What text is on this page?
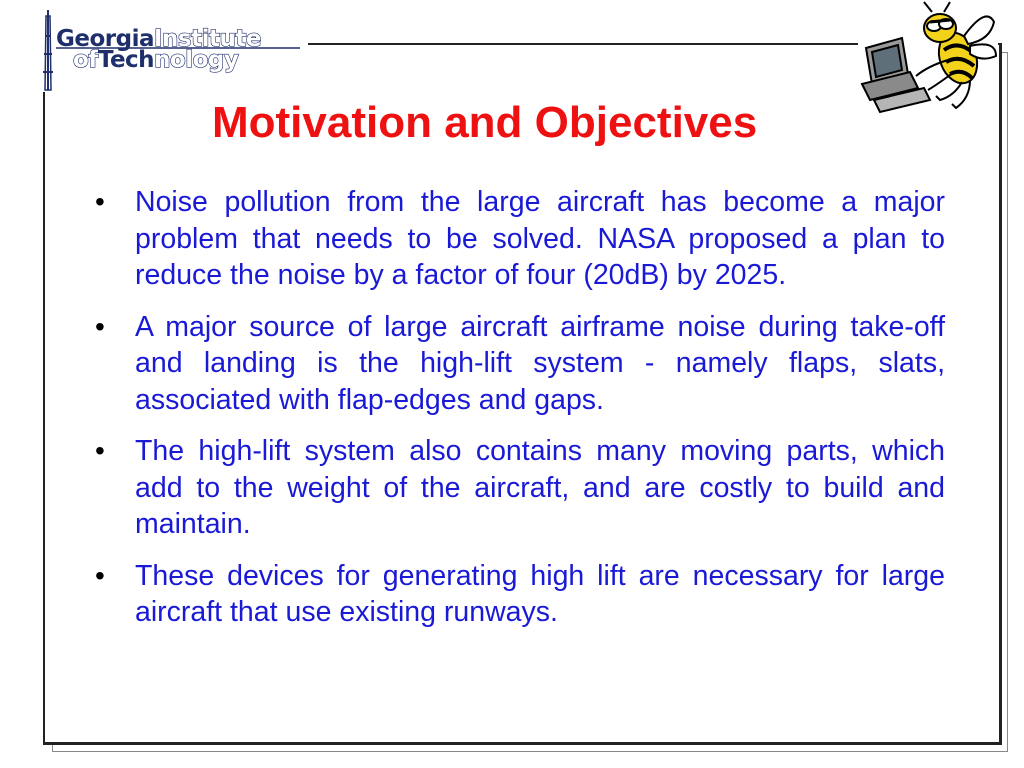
GeorgiaInstitute
ofTechnology
Motivation and Objectives
• Noise pollution from the large aircraft has become a major problem that needs to be solved. NASA proposed a plan to reduce the noise by a factor of four (20dB) by 2025.
• A major source of large aircraft airframe noise during take-off and landing is the high-lift system - namely flaps, slats, associated with flap-edges and gaps.
• The high-lift system also contains many moving parts, which add to the weight of the aircraft, and are costly to build and maintain.
• These devices for generating high lift are necessary for large aircraft that use existing runways.
